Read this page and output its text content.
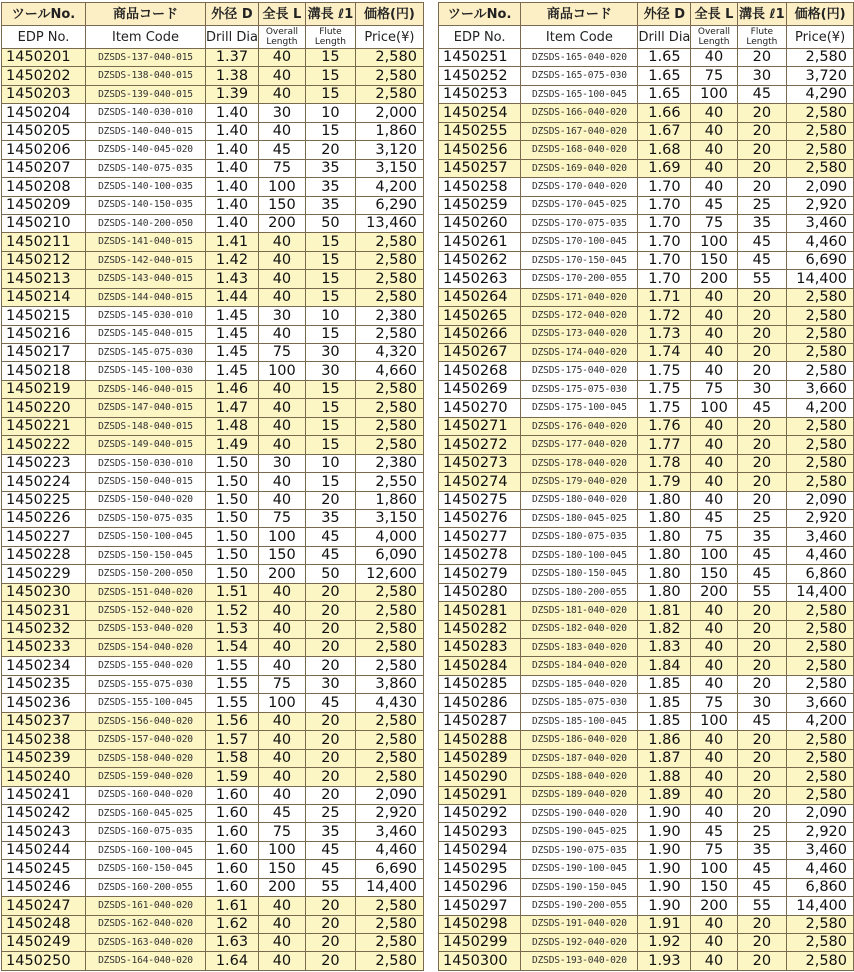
ツールNo.	商品コード	外径 D	全長 L	溝長 ℓ1	価格(円)
EDP No.	Item Code	Drill Dia	Overall Length	Flute Length	Price(¥)
1450201	DZSDS-137-040-015	1.37	40	15	2,580
1450202	DZSDS-138-040-015	1.38	40	15	2,580
1450203	DZSDS-139-040-015	1.39	40	15	2,580
1450204	DZSDS-140-030-010	1.40	30	10	2,000
1450205	DZSDS-140-040-015	1.40	40	15	1,860
1450206	DZSDS-140-045-020	1.40	45	20	3,120
1450207	DZSDS-140-075-035	1.40	75	35	3,150
1450208	DZSDS-140-100-035	1.40	100	35	4,200
1450209	DZSDS-140-150-035	1.40	150	35	6,290
1450210	DZSDS-140-200-050	1.40	200	50	13,460
1450211	DZSDS-141-040-015	1.41	40	15	2,580
1450212	DZSDS-142-040-015	1.42	40	15	2,580
1450213	DZSDS-143-040-015	1.43	40	15	2,580
1450214	DZSDS-144-040-015	1.44	40	15	2,580
1450215	DZSDS-145-030-010	1.45	30	10	2,380
1450216	DZSDS-145-040-015	1.45	40	15	2,580
1450217	DZSDS-145-075-030	1.45	75	30	4,320
1450218	DZSDS-145-100-030	1.45	100	30	4,660
1450219	DZSDS-146-040-015	1.46	40	15	2,580
1450220	DZSDS-147-040-015	1.47	40	15	2,580
1450221	DZSDS-148-040-015	1.48	40	15	2,580
1450222	DZSDS-149-040-015	1.49	40	15	2,580
1450223	DZSDS-150-030-010	1.50	30	10	2,380
1450224	DZSDS-150-040-015	1.50	40	15	2,550
1450225	DZSDS-150-040-020	1.50	40	20	1,860
1450226	DZSDS-150-075-035	1.50	75	35	3,150
1450227	DZSDS-150-100-045	1.50	100	45	4,000
1450228	DZSDS-150-150-045	1.50	150	45	6,090
1450229	DZSDS-150-200-050	1.50	200	50	12,600
1450230	DZSDS-151-040-020	1.51	40	20	2,580
1450231	DZSDS-152-040-020	1.52	40	20	2,580
1450232	DZSDS-153-040-020	1.53	40	20	2,580
1450233	DZSDS-154-040-020	1.54	40	20	2,580
1450234	DZSDS-155-040-020	1.55	40	20	2,580
1450235	DZSDS-155-075-030	1.55	75	30	3,860
1450236	DZSDS-155-100-045	1.55	100	45	4,430
1450237	DZSDS-156-040-020	1.56	40	20	2,580
1450238	DZSDS-157-040-020	1.57	40	20	2,580
1450239	DZSDS-158-040-020	1.58	40	20	2,580
1450240	DZSDS-159-040-020	1.59	40	20	2,580
1450241	DZSDS-160-040-020	1.60	40	20	2,090
1450242	DZSDS-160-045-025	1.60	45	25	2,920
1450243	DZSDS-160-075-035	1.60	75	35	3,460
1450244	DZSDS-160-100-045	1.60	100	45	4,460
1450245	DZSDS-160-150-045	1.60	150	45	6,690
1450246	DZSDS-160-200-055	1.60	200	55	14,400
1450247	DZSDS-161-040-020	1.61	40	20	2,580
1450248	DZSDS-162-040-020	1.62	40	20	2,580
1450249	DZSDS-163-040-020	1.63	40	20	2,580
1450250	DZSDS-164-040-020	1.64	40	20	2,580
ツールNo.	商品コード	外径 D	全長 L	溝長 ℓ1	価格(円)
EDP No.	Item Code	Drill Dia	Overall Length	Flute Length	Price(¥)
1450251	DZSDS-165-040-020	1.65	40	20	2,580
1450252	DZSDS-165-075-030	1.65	75	30	3,720
1450253	DZSDS-165-100-045	1.65	100	45	4,290
1450254	DZSDS-166-040-020	1.66	40	20	2,580
1450255	DZSDS-167-040-020	1.67	40	20	2,580
1450256	DZSDS-168-040-020	1.68	40	20	2,580
1450257	DZSDS-169-040-020	1.69	40	20	2,580
1450258	DZSDS-170-040-020	1.70	40	20	2,090
1450259	DZSDS-170-045-025	1.70	45	25	2,920
1450260	DZSDS-170-075-035	1.70	75	35	3,460
1450261	DZSDS-170-100-045	1.70	100	45	4,460
1450262	DZSDS-170-150-045	1.70	150	45	6,690
1450263	DZSDS-170-200-055	1.70	200	55	14,400
1450264	DZSDS-171-040-020	1.71	40	20	2,580
1450265	DZSDS-172-040-020	1.72	40	20	2,580
1450266	DZSDS-173-040-020	1.73	40	20	2,580
1450267	DZSDS-174-040-020	1.74	40	20	2,580
1450268	DZSDS-175-040-020	1.75	40	20	2,580
1450269	DZSDS-175-075-030	1.75	75	30	3,660
1450270	DZSDS-175-100-045	1.75	100	45	4,200
1450271	DZSDS-176-040-020	1.76	40	20	2,580
1450272	DZSDS-177-040-020	1.77	40	20	2,580
1450273	DZSDS-178-040-020	1.78	40	20	2,580
1450274	DZSDS-179-040-020	1.79	40	20	2,580
1450275	DZSDS-180-040-020	1.80	40	20	2,090
1450276	DZSDS-180-045-025	1.80	45	25	2,920
1450277	DZSDS-180-075-035	1.80	75	35	3,460
1450278	DZSDS-180-100-045	1.80	100	45	4,460
1450279	DZSDS-180-150-045	1.80	150	45	6,860
1450280	DZSDS-180-200-055	1.80	200	55	14,400
1450281	DZSDS-181-040-020	1.81	40	20	2,580
1450282	DZSDS-182-040-020	1.82	40	20	2,580
1450283	DZSDS-183-040-020	1.83	40	20	2,580
1450284	DZSDS-184-040-020	1.84	40	20	2,580
1450285	DZSDS-185-040-020	1.85	40	20	2,580
1450286	DZSDS-185-075-030	1.85	75	30	3,660
1450287	DZSDS-185-100-045	1.85	100	45	4,200
1450288	DZSDS-186-040-020	1.86	40	20	2,580
1450289	DZSDS-187-040-020	1.87	40	20	2,580
1450290	DZSDS-188-040-020	1.88	40	20	2,580
1450291	DZSDS-189-040-020	1.89	40	20	2,580
1450292	DZSDS-190-040-020	1.90	40	20	2,090
1450293	DZSDS-190-045-025	1.90	45	25	2,920
1450294	DZSDS-190-075-035	1.90	75	35	3,460
1450295	DZSDS-190-100-045	1.90	100	45	4,460
1450296	DZSDS-190-150-045	1.90	150	45	6,860
1450297	DZSDS-190-200-055	1.90	200	55	14,400
1450298	DZSDS-191-040-020	1.91	40	20	2,580
1450299	DZSDS-192-040-020	1.92	40	20	2,580
1450300	DZSDS-193-040-020	1.93	40	20	2,580
